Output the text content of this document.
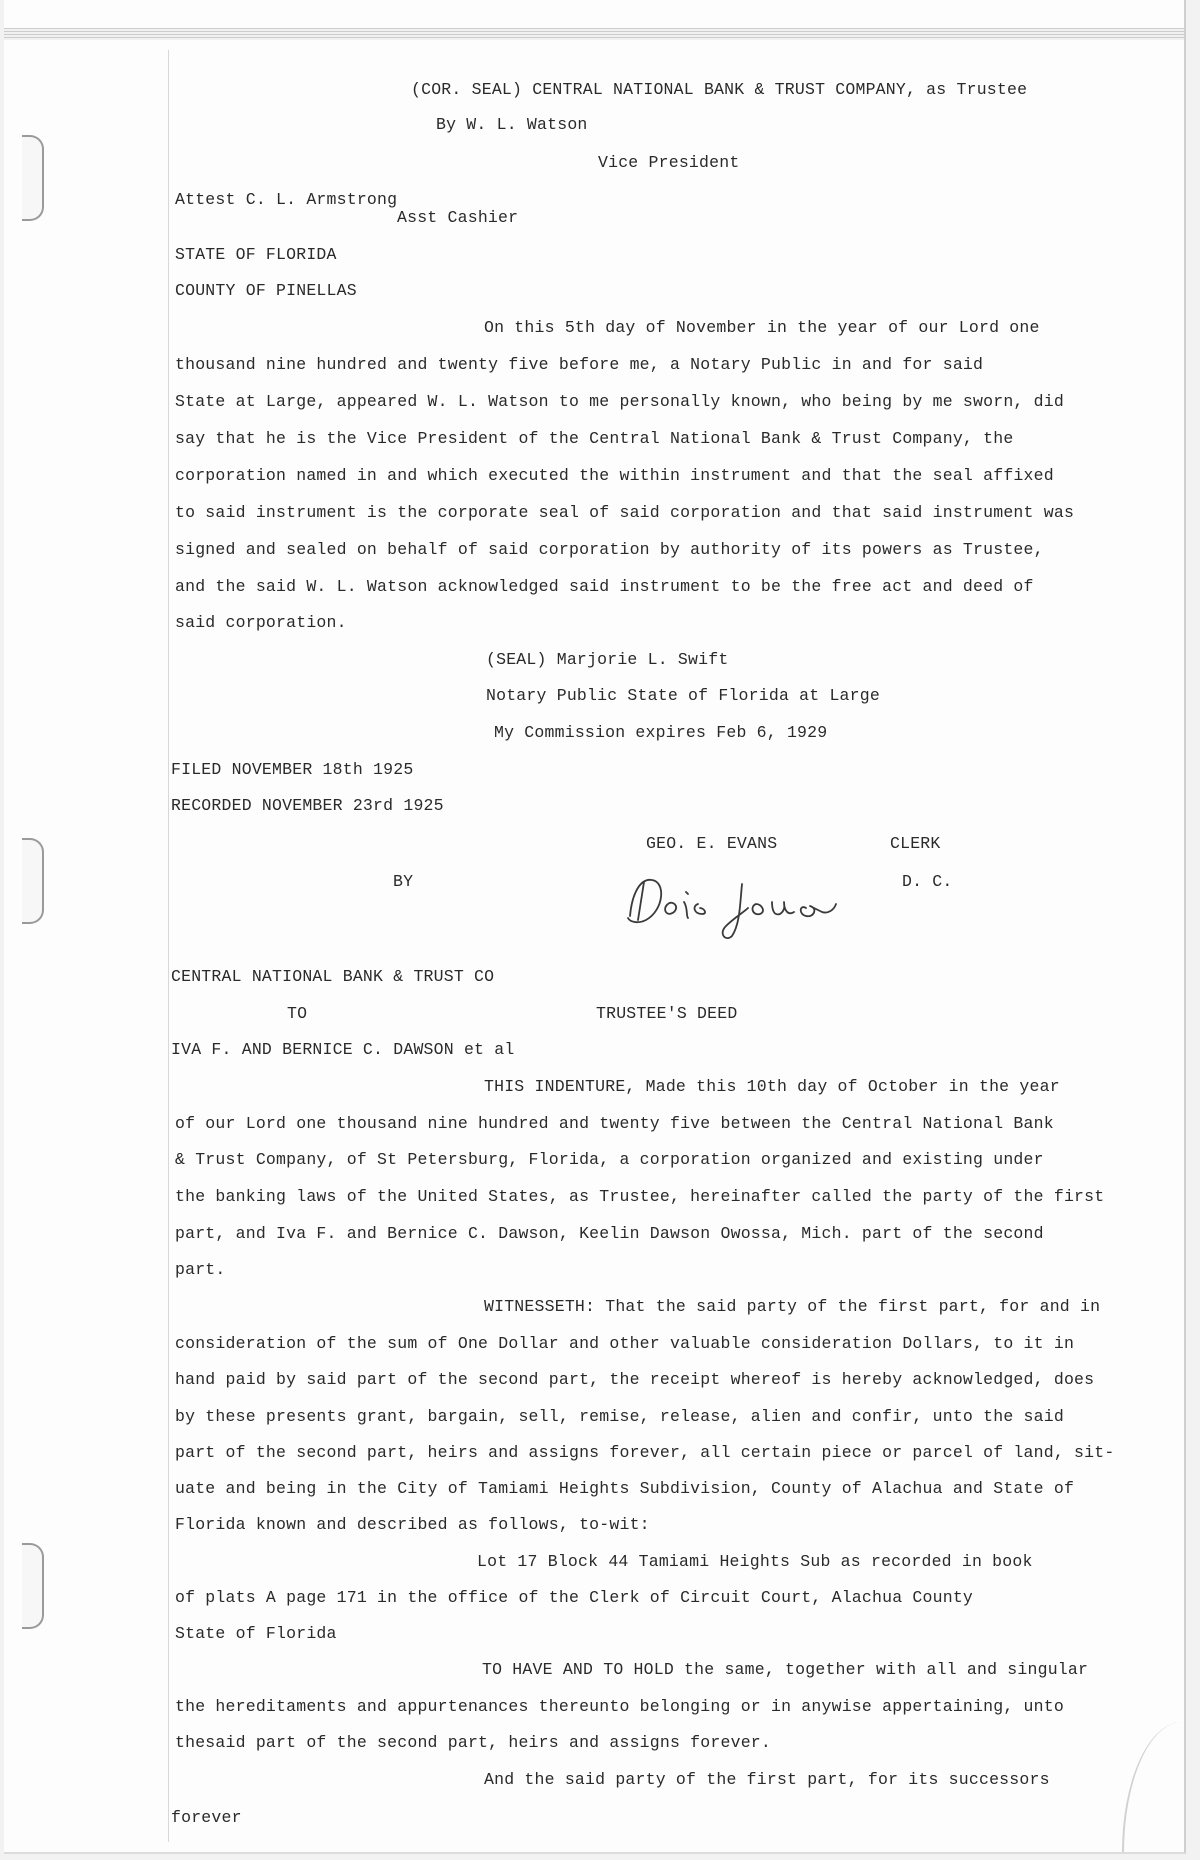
(COR. SEAL) CENTRAL NATIONAL BANK & TRUST COMPANY, as Trustee
By W. L. Watson
Vice President
Attest C. L. Armstrong
Asst Cashier
STATE OF FLORIDA
COUNTY OF PINELLAS
On this 5th day of November in the year of our Lord one
thousand nine hundred and twenty five before me, a Notary Public in and for said
State at Large, appeared W. L. Watson to me personally known, who being by me sworn, did
say that he is the Vice President of the Central National Bank & Trust Company, the
corporation named in and which executed the within instrument and that the seal affixed
to said instrument is the corporate seal of said corporation and that said instrument was
signed and sealed on behalf of said corporation by authority of its powers as Trustee,
and the said W. L. Watson acknowledged said instrument to be the free act and deed of
said corporation.
(SEAL) Marjorie L. Swift
Notary Public State of Florida at Large
My Commission expires Feb 6, 1929
FILED NOVEMBER 18th 1925
RECORDED NOVEMBER 23rd 1925
GEO. E. EVANS	CLERK
BY	D. C.
CENTRAL NATIONAL BANK & TRUST CO
TO	TRUSTEE'S DEED
IVA F. AND BERNICE C. DAWSON et al
THIS INDENTURE, Made this 10th day of October in the year
of our Lord one thousand nine hundred and twenty five between the Central National Bank
& Trust Company, of St Petersburg, Florida, a corporation organized and existing under
the banking laws of the United States, as Trustee, hereinafter called the party of the first
part, and Iva F. and Bernice C. Dawson, Keelin Dawson Owossa, Mich. part of the second
part.
WITNESSETH: That the said party of the first part, for and in
consideration of the sum of One Dollar and other valuable consideration Dollars, to it in
hand paid by said part of the second part, the receipt whereof is hereby acknowledged, does
by these presents grant, bargain, sell, remise, release, alien and confir, unto the said
part of the second part, heirs and assigns forever, all certain piece or parcel of land, sit-
uate and being in the City of Tamiami Heights Subdivision, County of Alachua and State of
Florida known and described as follows, to-wit:
Lot 17 Block 44 Tamiami Heights Sub as recorded in book
of plats A page 171 in the office of the Clerk of Circuit Court, Alachua County
State of Florida
TO HAVE AND TO HOLD the same, together with all and singular
the hereditaments and appurtenances thereunto belonging or in anywise appertaining, unto
thesaid part of the second part, heirs and assigns forever.
And the said party of the first part, for its successors
forever
